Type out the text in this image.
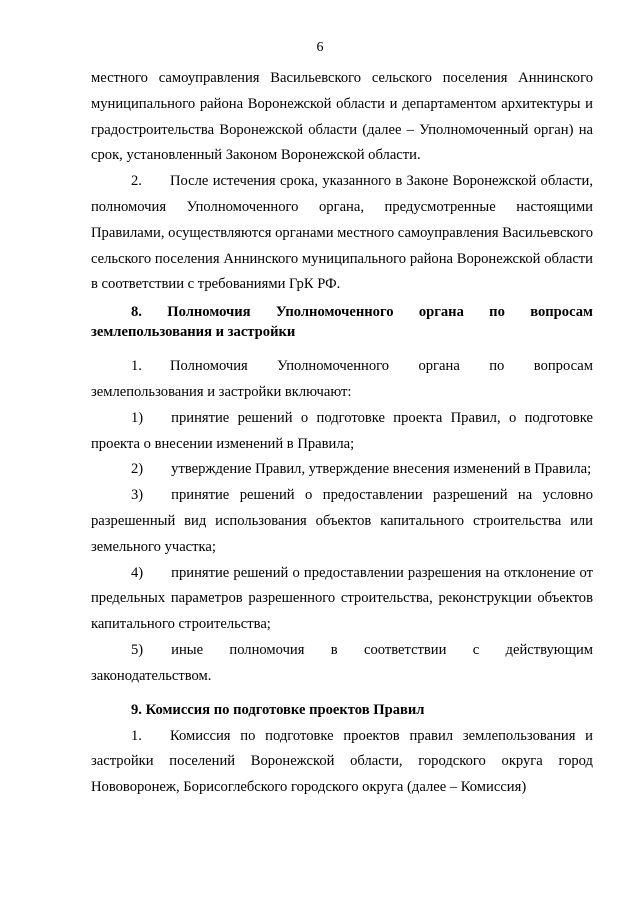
6

местного самоуправления Васильевского сельского поселения Аннинского муниципального района Воронежской области и департаментом архитектуры и градостроительства Воронежской области (далее – Уполномоченный орган) на срок, установленный Законом Воронежской области.

2. После истечения срока, указанного в Законе Воронежской области, полномочия Уполномоченного органа, предусмотренные настоящими Правилами, осуществляются органами местного самоуправления Васильевского сельского поселения Аннинского муниципального района Воронежской области в соответствии с требованиями ГрК РФ.

8. Полномочия Уполномоченного органа по вопросам землепользования и застройки

1. Полномочия Уполномоченного органа по вопросам землепользования и застройки включают:

1) принятие решений о подготовке проекта Правил, о подготовке проекта о внесении изменений в Правила;

2) утверждение Правил, утверждение внесения изменений в Правила;

3) принятие решений о предоставлении разрешений на условно разрешенный вид использования объектов капитального строительства или земельного участка;

4) принятие решений о предоставлении разрешения на отклонение от предельных параметров разрешенного строительства, реконструкции объектов капитального строительства;

5) иные полномочия в соответствии с действующим законодательством.

9. Комиссия по подготовке проектов Правил

1. Комиссия по подготовке проектов правил землепользования и застройки поселений Воронежской области, городского округа город Нововоронеж, Борисоглебского городского округа (далее – Комиссия)
